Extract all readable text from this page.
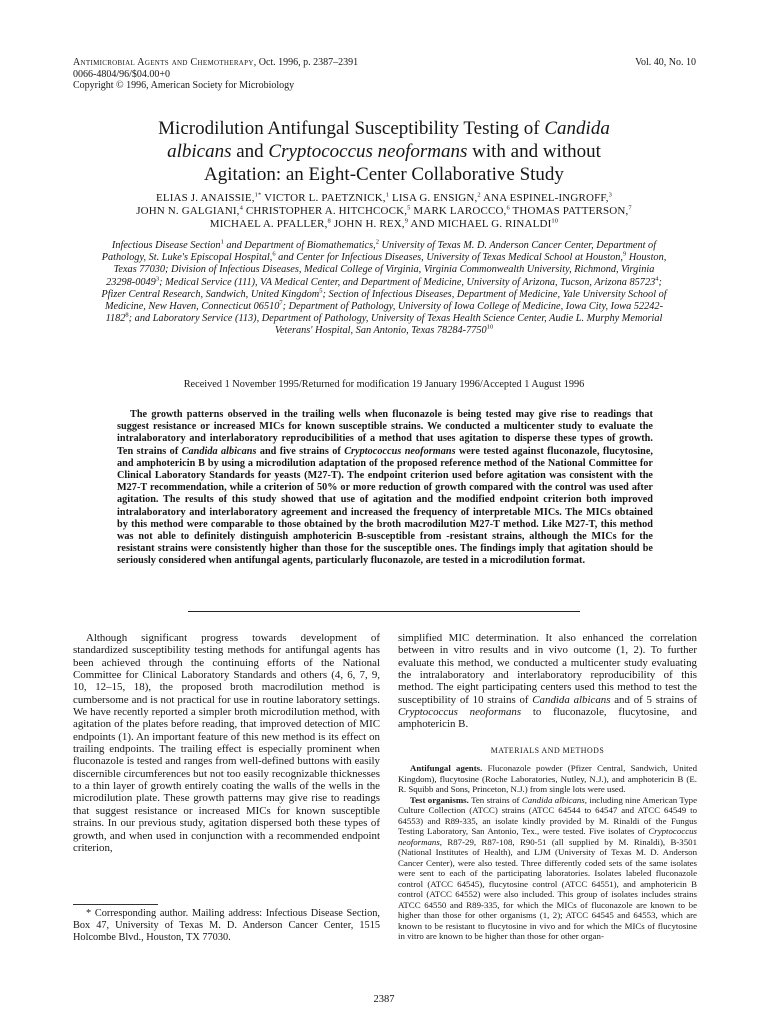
Antimicrobial Agents and Chemotherapy, Oct. 1996, p. 2387–2391
0066-4804/96/$04.00+0
Copyright © 1996, American Society for Microbiology
Vol. 40, No. 10
Microdilution Antifungal Susceptibility Testing of Candida
albicans and Cryptococcus neoformans with and without
Agitation: an Eight-Center Collaborative Study
ELIAS J. ANAISSIE,$^{1*}$ VICTOR L. PAETZNICK,$^1$ LISA G. ENSIGN,$^2$ ANA ESPINEL-INGROFF,$^3$
JOHN N. GALGIANI,$^4$ CHRISTOPHER A. HITCHCOCK,$^5$ MARK LAROCCO,$^6$ THOMAS PATTERSON,$^7$
MICHAEL A. PFALLER,$^8$ JOHN H. REX,$^9$ AND MICHAEL G. RINALDI$^{10}$
Infectious Disease Section$^1$ and Department of Biomathematics,$^2$ University of Texas M. D. Anderson Cancer Center, Department of Pathology, St. Luke's Episcopal Hospital,$^6$ and Center for Infectious Diseases, University of Texas Medical School at Houston,$^9$ Houston, Texas 77030; Division of Infectious Diseases, Medical College of Virginia, Virginia Commonwealth University, Richmond, Virginia 23298-0049$^3$; Medical Service (111), VA Medical Center, and Department of Medicine, University of Arizona, Tucson, Arizona 85723$^4$; Pfizer Central Research, Sandwich, United Kingdom$^5$; Section of Infectious Diseases, Department of Medicine, Yale University School of Medicine, New Haven, Connecticut 06510$^7$; Department of Pathology, University of Iowa College of Medicine, Iowa City, Iowa 52242-1182$^8$; and Laboratory Service (113), Department of Pathology, University of Texas Health Science Center, Audie L. Murphy Memorial Veterans' Hospital, San Antonio, Texas 78284-7750$^{10}$
Received 1 November 1995/Returned for modification 19 January 1996/Accepted 1 August 1996
The growth patterns observed in the trailing wells when fluconazole is being tested may give rise to readings that suggest resistance or increased MICs for known susceptible strains. We conducted a multicenter study to evaluate the intralaboratory and interlaboratory reproducibilities of a method that uses agitation to disperse these types of growth. Ten strains of Candida albicans and five strains of Cryptococcus neoformans were tested against fluconazole, flucytosine, and amphotericin B by using a microdilution adaptation of the proposed reference method of the National Committee for Clinical Laboratory Standards for yeasts (M27-T). The endpoint criterion used before agitation was consistent with the M27-T recommendation, while a criterion of 50% or more reduction of growth compared with the control was used after agitation. The results of this study showed that use of agitation and the modified endpoint criterion both improved intralaboratory and interlaboratory agreement and increased the frequency of interpretable MICs. The MICs obtained by this method were comparable to those obtained by the broth macrodilution M27-T method. Like M27-T, this method was not able to definitely distinguish amphotericin B-susceptible from -resistant strains, although the MICs for the resistant strains were consistently higher than those for the susceptible ones. The findings imply that agitation should be seriously considered when antifungal agents, particularly fluconazole, are tested in a microdilution format.

Although significant progress towards development of standardized susceptibility testing methods for antifungal agents has been achieved through the continuing efforts of the National Committee for Clinical Laboratory Standards and others (4, 6, 7, 9, 10, 12–15, 18), the proposed broth macrodilution method is cumbersome and is not practical for use in routine laboratory settings. We have recently reported a simpler broth microdilution method, with agitation of the plates before reading, that improved detection of MIC endpoints (1). An important feature of this new method is its effect on trailing endpoints. The trailing effect is especially prominent when fluconazole is tested and ranges from well-defined buttons with easily discernible circumferences but not too easily recognizable thicknesses to a thin layer of growth entirely coating the walls of the wells in the microdilution plate. These growth patterns may give rise to readings that suggest resistance or increased MICs for known susceptible strains. In our previous study, agitation dispersed both these types of growth, and when used in conjunction with a recommended endpoint criterion,

simplified MIC determination. It also enhanced the correlation between in vitro results and in vivo outcome (1, 2). To further evaluate this method, we conducted a multicenter study evaluating the intralaboratory and interlaboratory reproducibility of this method. The eight participating centers used this method to test the susceptibility of 10 strains of Candida albicans and of 5 strains of Cryptococcus neoformans to fluconazole, flucytosine, and amphotericin B.

MATERIALS AND METHODS

Antifungal agents. Fluconazole powder (Pfizer Central, Sandwich, United Kingdom), flucytosine (Roche Laboratories, Nutley, N.J.), and amphotericin B (E. R. Squibb and Sons, Princeton, N.J.) from single lots were used.

Test organisms. Ten strains of Candida albicans, including nine American Type Culture Collection (ATCC) strains (ATCC 64544 to 64547 and ATCC 64549 to 64553) and R89-335, an isolate kindly provided by M. Rinaldi of the Fungus Testing Laboratory, San Antonio, Tex., were tested. Five isolates of Cryptococcus neoformans, R87-29, R87-108, R90-51 (all supplied by M. Rinaldi), B-3501 (National Institutes of Health), and LJM (University of Texas M. D. Anderson Cancer Center), were also tested. Three differently coded sets of the same isolates were sent to each of the participating laboratories. Isolates labeled fluconazole control (ATCC 64545), flucytosine control (ATCC 64551), and amphotericin B control (ATCC 64552) were also included. This group of isolates includes strains ATCC 64550 and R89-335, for which the MICs of fluconazole are known to be higher than those for other organisms (1, 2); ATCC 64545 and 64553, which are known to be resistant to flucytosine in vivo and for which the MICs of flucytosine in vitro are known to be higher than those for other organ-

* Corresponding author. Mailing address: Infectious Disease Section, Box 47, University of Texas M. D. Anderson Cancer Center, 1515 Holcombe Blvd., Houston, TX 77030.
2387
